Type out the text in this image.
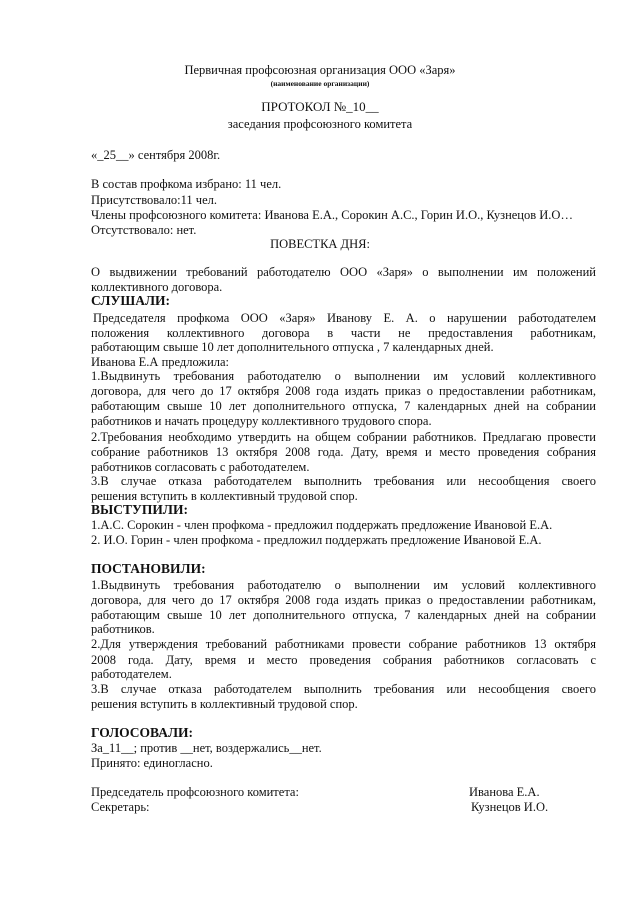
Первичная профсоюзная организация ООО «Заря»
(наименование организации)
ПРОТОКОЛ №_10__
заседания профсоюзного комитета
«_25__» сентября 2008г.
В состав профкома избрано: 11 чел.
Присутствовало:11 чел.
Члены профсоюзного комитета: Иванова Е.А., Сорокин А.С., Горин И.О., Кузнецов И.О…
Отсутствовало: нет.
ПОВЕСТКА ДНЯ:
О выдвижении требований работодателю ООО «Заря» о выполнении им положений
коллективного договора.
СЛУШАЛИ:
Председателя профкома ООО «Заря» Иванову Е. А. о нарушении работодателем
положения коллективного договора в части не предоставления работникам,
работающим свыше 10 лет дополнительного отпуска , 7 календарных дней.
Иванова Е.А предложила:
1.Выдвинуть требования работодателю о выполнении им условий коллективного
договора, для чего до 17 октября 2008 года издать приказ о предоставлении работникам,
работающим свыше 10 лет дополнительного отпуска, 7 календарных дней на собрании
работников и начать процедуру коллективного трудового спора.
2.Требования необходимо утвердить на общем собрании работников. Предлагаю провести
собрание работников 13 октября 2008 года. Дату, время и место проведения собрания
работников согласовать с работодателем.
3.В случае отказа работодателем выполнить требования или несообщения своего
решения вступить в коллективный трудовой спор.
ВЫСТУПИЛИ:
1.А.С. Сорокин - член профкома - предложил поддержать предложение Ивановой Е.А.
2. И.О. Горин - член профкома - предложил поддержать предложение Ивановой Е.А.
ПОСТАНОВИЛИ:
1.Выдвинуть требования работодателю о выполнении им условий коллективного
договора, для чего до 17 октября 2008 года издать приказ о предоставлении работникам,
работающим свыше 10 лет дополнительного отпуска, 7 календарных дней на собрании
работников.
2.Для утверждения требований работниками провести собрание работников 13 октября
2008 года. Дату, время и место проведения собрания работников согласовать с
работодателем.
3.В случае отказа работодателем выполнить требования или несообщения своего
решения вступить в коллективный трудовой спор.
ГОЛОСОВАЛИ:
За_11__; против __нет, воздержались__нет.
Принято: единогласно.
Председатель профсоюзного комитета:	Иванова Е.А.
Секретарь:	Кузнецов И.О.
